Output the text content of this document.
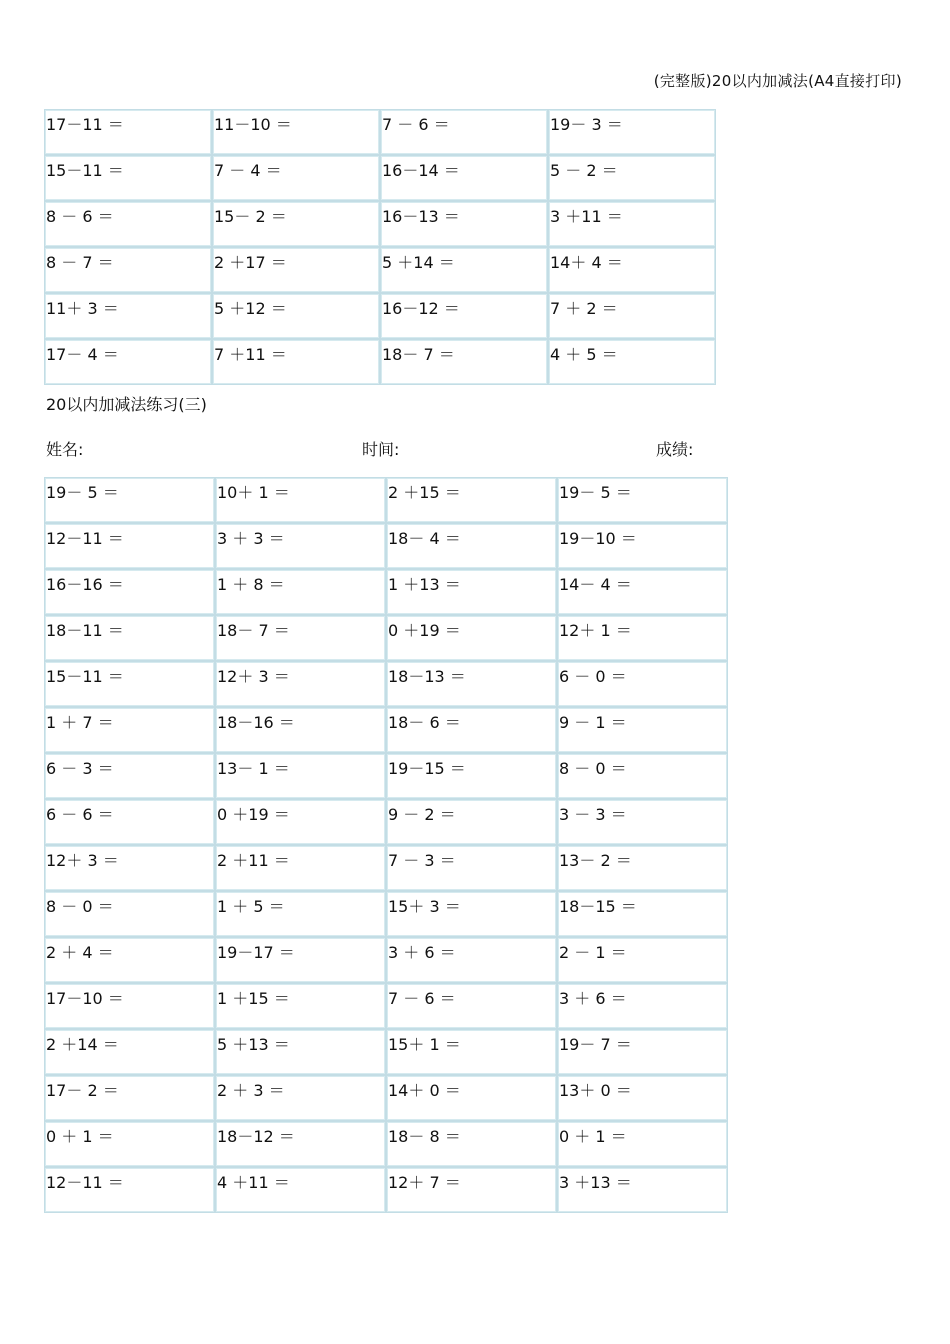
(完整版)20以内加减法(A4直接打印)
17－11 ＝	11－10 ＝	7 － 6 ＝	19－ 3 ＝

15－11 ＝	7 － 4 ＝	16－14 ＝	5 － 2 ＝

8 － 6 ＝	15－ 2 ＝	16－13 ＝	3 ＋11 ＝

8 － 7 ＝	2 ＋17 ＝	5 ＋14 ＝	14＋ 4 ＝

11＋ 3 ＝	5 ＋12 ＝	16－12 ＝	7 ＋ 2 ＝

17－ 4 ＝	7 ＋11 ＝	18－ 7 ＝	4 ＋ 5 ＝
20以内加减法练习(三)
姓名:	时间:	成绩:
19－ 5 ＝	10＋ 1 ＝	2 ＋15 ＝	19－ 5 ＝

12－11 ＝	3 ＋ 3 ＝	18－ 4 ＝	19－10 ＝

16－16 ＝	1 ＋ 8 ＝	1 ＋13 ＝	14－ 4 ＝

18－11 ＝	18－ 7 ＝	0 ＋19 ＝	12＋ 1 ＝

15－11 ＝	12＋ 3 ＝	18－13 ＝	6 － 0 ＝

1 ＋ 7 ＝	18－16 ＝	18－ 6 ＝	9 － 1 ＝

6 － 3 ＝	13－ 1 ＝	19－15 ＝	8 － 0 ＝

6 － 6 ＝	0 ＋19 ＝	9 － 2 ＝	3 － 3 ＝

12＋ 3 ＝	2 ＋11 ＝	7 － 3 ＝	13－ 2 ＝

8 － 0 ＝	1 ＋ 5 ＝	15＋ 3 ＝	18－15 ＝

2 ＋ 4 ＝	19－17 ＝	3 ＋ 6 ＝	2 － 1 ＝

17－10 ＝	1 ＋15 ＝	7 － 6 ＝	3 ＋ 6 ＝

2 ＋14 ＝	5 ＋13 ＝	15＋ 1 ＝	19－ 7 ＝

17－ 2 ＝	2 ＋ 3 ＝	14＋ 0 ＝	13＋ 0 ＝

0 ＋ 1 ＝	18－12 ＝	18－ 8 ＝	0 ＋ 1 ＝

12－11 ＝	4 ＋11 ＝	12＋ 7 ＝	3 ＋13 ＝
